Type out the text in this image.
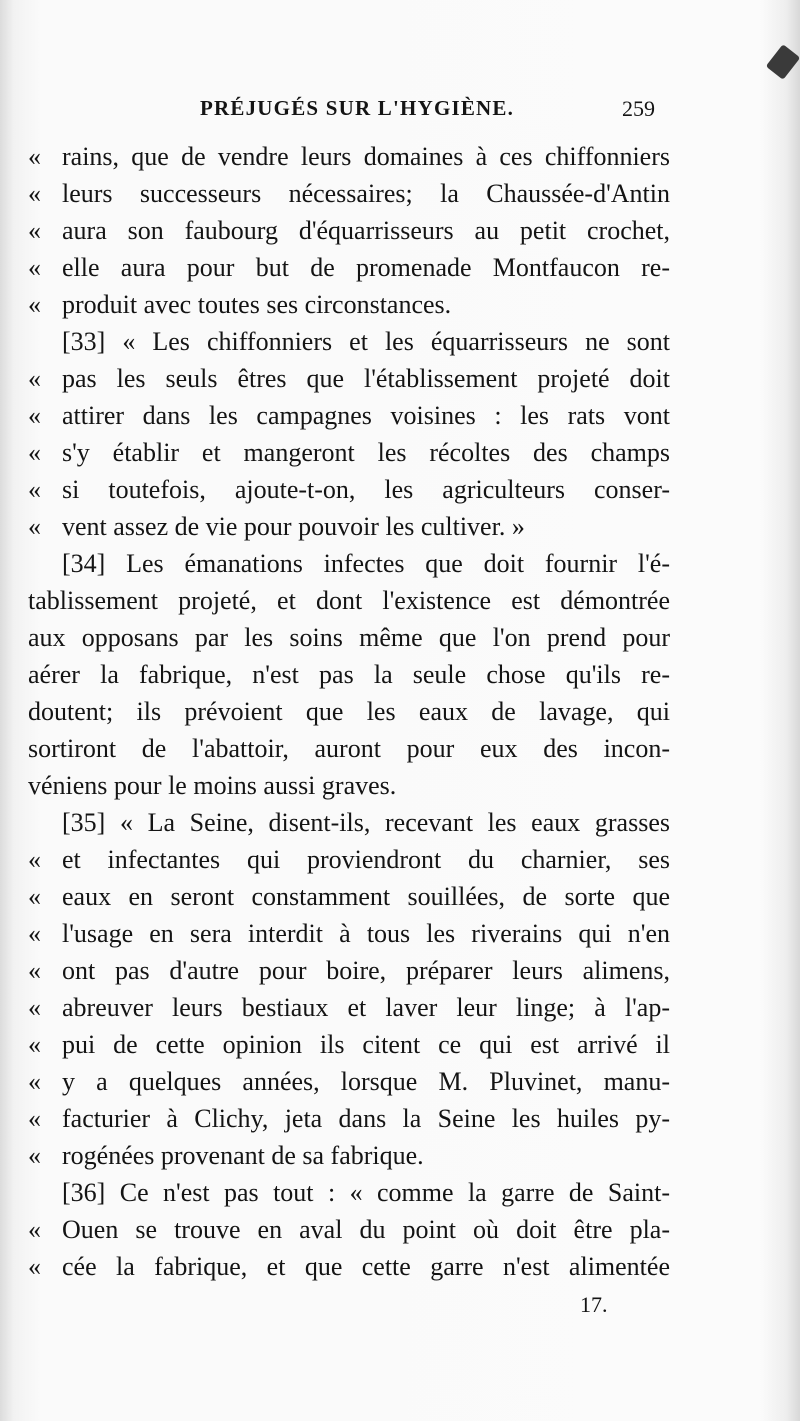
PRÉJUGÉS SUR L'HYGIÈNE.	259
« rains, que de vendre leurs domaines à ces chiffonniers
« leurs successeurs nécessaires; la Chaussée-d'Antin
« aura son faubourg d'équarrisseurs au petit crochet,
« elle aura pour but de promenade Montfaucon re-
« produit avec toutes ses circonstances.
[33] « Les chiffonniers et les équarrisseurs ne sont
« pas les seuls êtres que l'établissement projeté doit
« attirer dans les campagnes voisines : les rats vont
« s'y établir et mangeront les récoltes des champs
« si toutefois, ajoute-t-on, les agriculteurs conser-
« vent assez de vie pour pouvoir les cultiver. »
[34] Les émanations infectes que doit fournir l'é-
tablissement projeté, et dont l'existence est démontrée
aux opposans par les soins même que l'on prend pour
aérer la fabrique, n'est pas la seule chose qu'ils re-
doutent; ils prévoient que les eaux de lavage, qui
sortiront de l'abattoir, auront pour eux des incon-
véniens pour le moins aussi graves.
[35] « La Seine, disent-ils, recevant les eaux grasses
« et infectantes qui proviendront du charnier, ses
« eaux en seront constamment souillées, de sorte que
« l'usage en sera interdit à tous les riverains qui n'en
« ont pas d'autre pour boire, préparer leurs alimens,
« abreuver leurs bestiaux et laver leur linge; à l'ap-
« pui de cette opinion ils citent ce qui est arrivé il
« y a quelques années, lorsque M. Pluvinet, manu-
« facturier à Clichy, jeta dans la Seine les huiles py-
« rogénées provenant de sa fabrique.
[36] Ce n'est pas tout : « comme la garre de Saint-
« Ouen se trouve en aval du point où doit être pla-
« cée la fabrique, et que cette garre n'est alimentée
17.
